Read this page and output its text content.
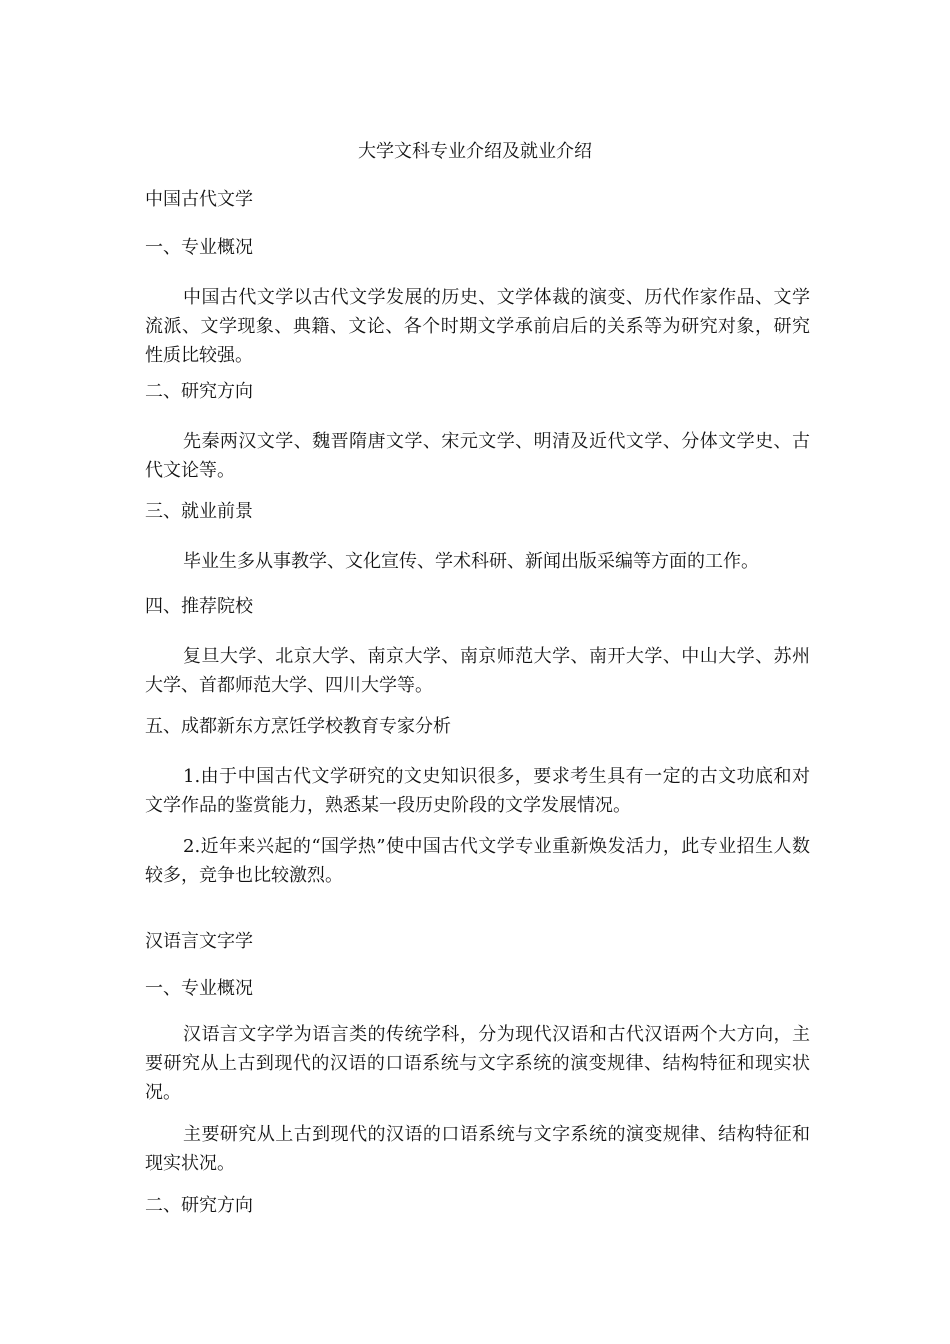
大学文科专业介绍及就业介绍
中国古代文学
一、专业概况
中国古代文学以古代文学发展的历史、文学体裁的演变、历代作家作品、文学流派、文学现象、典籍、文论、各个时期文学承前启后的关系等为研究对象，研究性质比较强。
二、研究方向
先秦两汉文学、魏晋隋唐文学、宋元文学、明清及近代文学、分体文学史、古代文论等。
三、就业前景
毕业生多从事教学、文化宣传、学术科研、新闻出版采编等方面的工作。
四、推荐院校
复旦大学、北京大学、南京大学、南京师范大学、南开大学、中山大学、苏州大学、首都师范大学、四川大学等。
五、成都新东方烹饪学校教育专家分析
1.由于中国古代文学研究的文史知识很多，要求考生具有一定的古文功底和对文学作品的鉴赏能力，熟悉某一段历史阶段的文学发展情况。
2.近年来兴起的“国学热”使中国古代文学专业重新焕发活力，此专业招生人数较多，竞争也比较激烈。
汉语言文字学
一、专业概况
汉语言文字学为语言类的传统学科，分为现代汉语和古代汉语两个大方向，主要研究从上古到现代的汉语的口语系统与文字系统的演变规律、结构特征和现实状况。
主要研究从上古到现代的汉语的口语系统与文字系统的演变规律、结构特征和现实状况。
二、研究方向
